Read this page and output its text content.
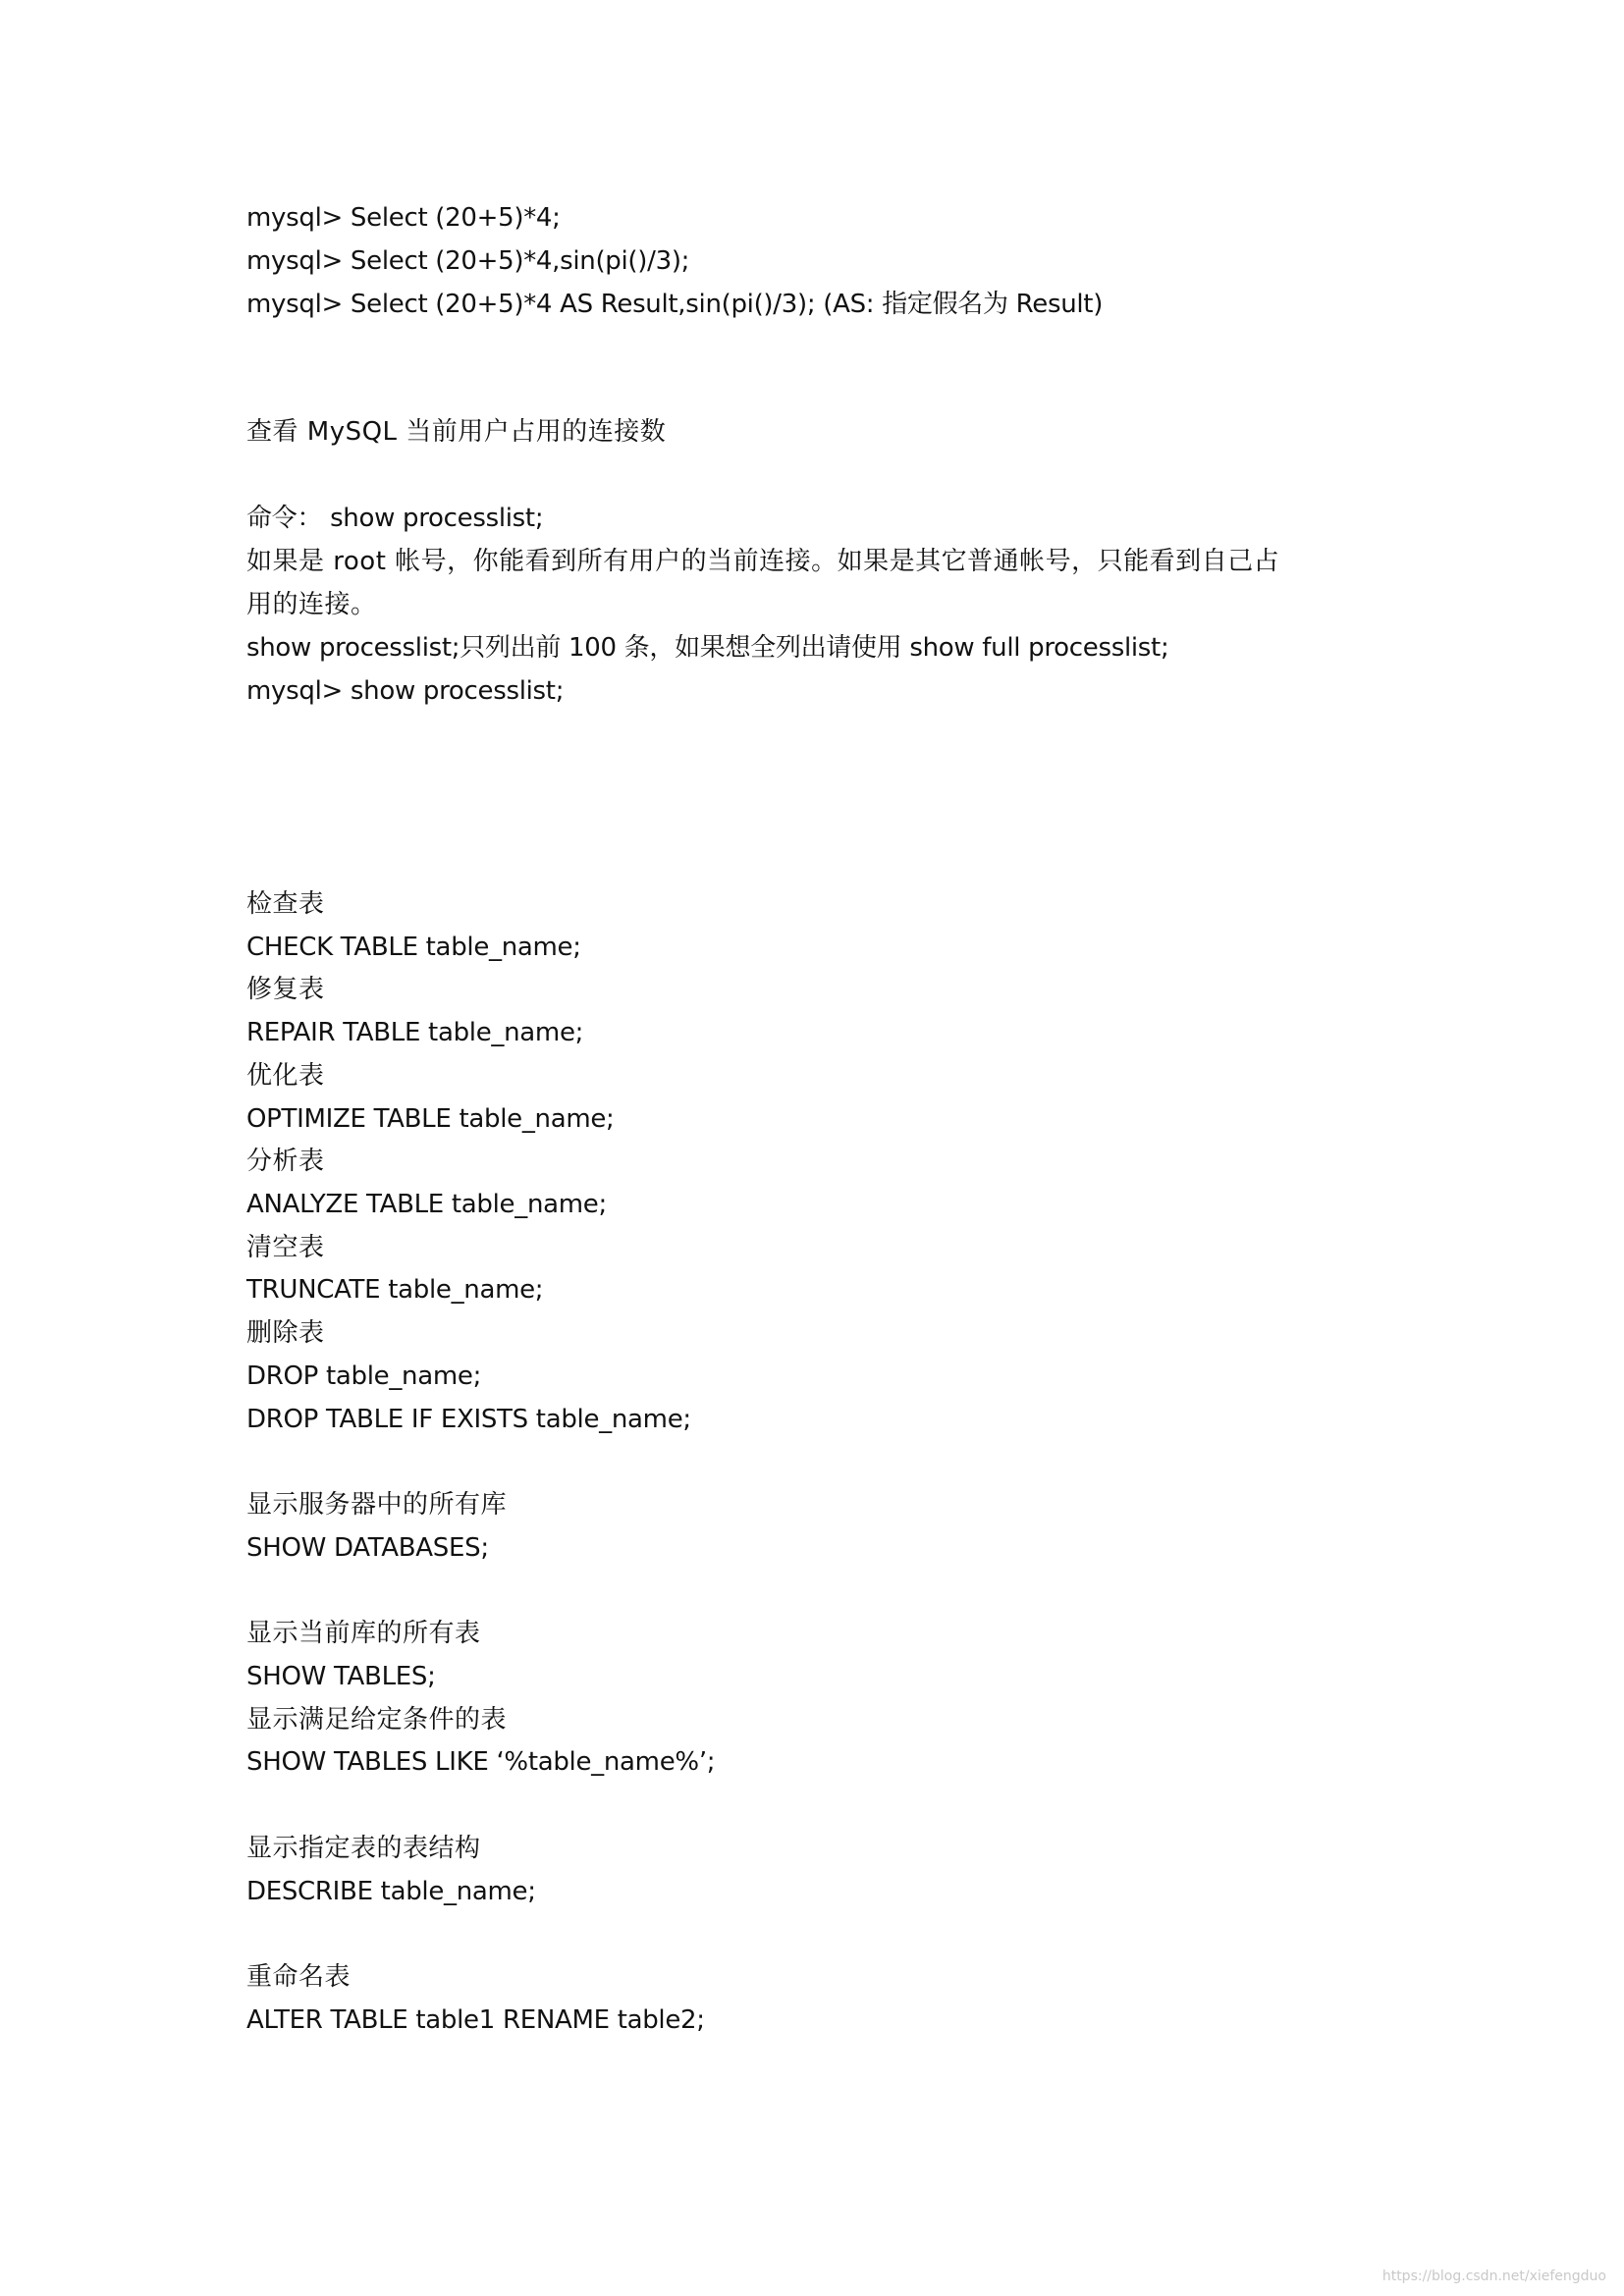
mysql> Select (20+5)*4;

mysql> Select (20+5)*4,sin(pi()/3);

mysql> Select (20+5)*4 AS Result,sin(pi()/3); (AS: 指定假名为 Result)

查看 MySQL 当前用户占用的连接数

命令： show processlist;

如果是 root 帐号，你能看到所有用户的当前连接。如果是其它普通帐号，只能看到自己占

用的连接。

show processlist;只列出前 100 条，如果想全列出请使用 show full processlist;

mysql> show processlist;

检查表

CHECK TABLE table_name;

修复表

REPAIR TABLE table_name;

优化表

OPTIMIZE TABLE table_name;

分析表

ANALYZE TABLE table_name;

清空表

TRUNCATE table_name;

删除表

DROP table_name;

DROP TABLE IF EXISTS table_name;

显示服务器中的所有库

SHOW DATABASES;

显示当前库的所有表

SHOW TABLES;

显示满足给定条件的表

SHOW TABLES LIKE ‘%table_name%’;

显示指定表的表结构

DESCRIBE table_name;

重命名表

ALTER TABLE table1 RENAME table2;

https://blog.csdn.net/xiefengduo
